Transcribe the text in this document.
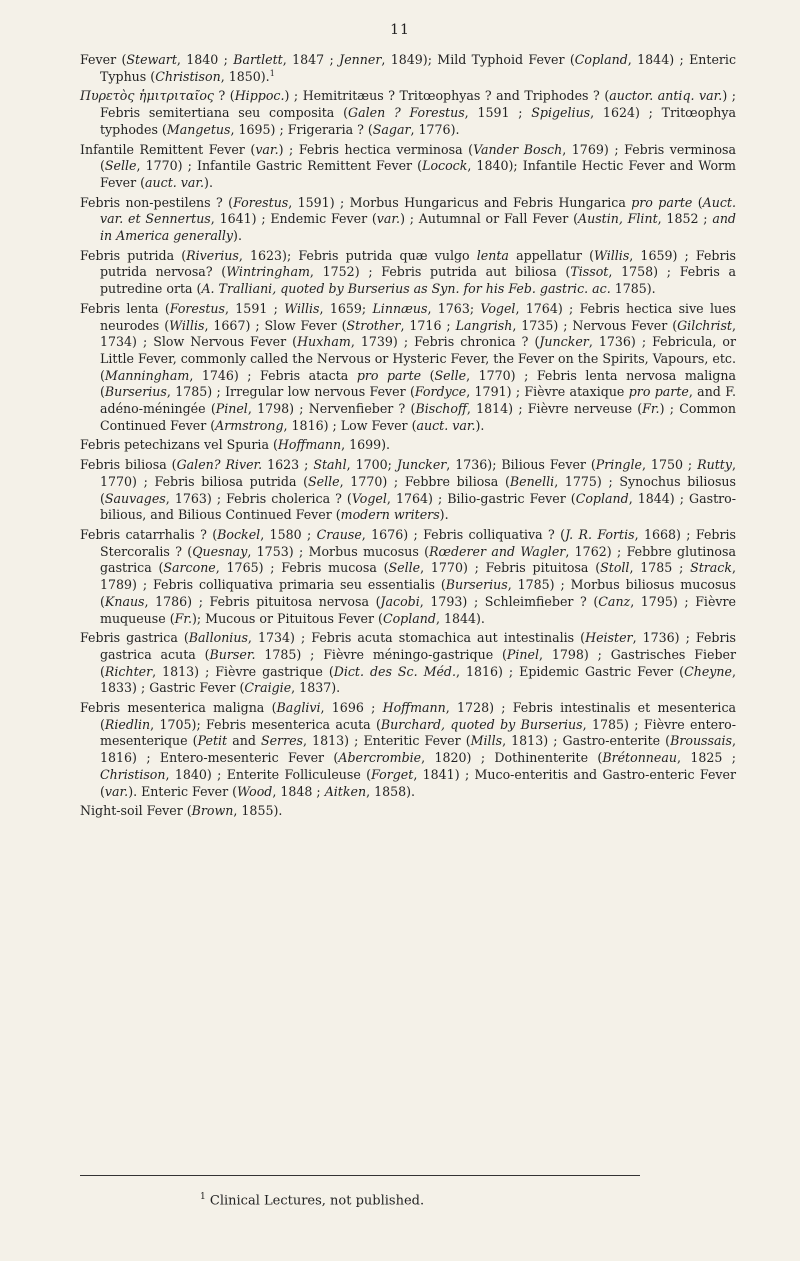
11

Fever (Stewart, 1840 ; Bartlett, 1847 ; Jenner, 1849); Mild Typhoid Fever (Copland, 1844) ; Enteric Typhus (Christison, 1850).$^1$

Πυρετὸς ἡμιτριταῖος ? (Hippoc.) ; Hemitritæus ? Tritœophyas ? and Triphodes ? (auctor. antiq. var.) ; Febris semitertiana seu composita (Galen ? Forestus, 1591 ; Spigelius, 1624) ; Tritœophya typhodes (Mangetus, 1695) ; Frigeraria ? (Sagar, 1776).

Infantile Remittent Fever (var.) ; Febris hectica verminosa (Vander Bosch, 1769) ; Febris verminosa (Selle, 1770) ; Infantile Gastric Remittent Fever (Locock, 1840); Infantile Hectic Fever and Worm Fever (auct. var.).

Febris non-pestilens ? (Forestus, 1591) ; Morbus Hungaricus and Febris Hungarica pro parte (Auct. var. et Sennertus, 1641) ; Endemic Fever (var.) ; Autumnal or Fall Fever (Austin, Flint, 1852 ; and in America generally).

Febris putrida (Riverius, 1623); Febris putrida quæ vulgo lenta appellatur (Willis, 1659) ; Febris putrida nervosa? (Wintringham, 1752) ; Febris putrida aut biliosa (Tissot, 1758) ; Febris a putredine orta (A. Tralliani, quoted by Burserius as Syn. for his Feb. gastric. ac. 1785).

Febris lenta (Forestus, 1591 ; Willis, 1659; Linnæus, 1763; Vogel, 1764) ; Febris hectica sive lues neurodes (Willis, 1667) ; Slow Fever (Strother, 1716 ; Langrish, 1735) ; Nervous Fever (Gilchrist, 1734) ; Slow Nervous Fever (Huxham, 1739) ; Febris chronica ? (Juncker, 1736) ; Febricula, or Little Fever, commonly called the Nervous or Hysteric Fever, the Fever on the Spirits, Vapours, etc. (Manningham, 1746) ; Febris atacta pro parte (Selle, 1770) ; Febris lenta nervosa maligna (Burserius, 1785) ; Irregular low nervous Fever (Fordyce, 1791) ; Fièvre ataxique pro parte, and F. adéno-méningée (Pinel, 1798) ; Nervenfieber ? (Bischoff, 1814) ; Fièvre nerveuse (Fr.) ; Common Continued Fever (Armstrong, 1816) ; Low Fever (auct. var.).

Febris petechizans vel Spuria (Hoffmann, 1699).

Febris biliosa (Galen? River. 1623 ; Stahl, 1700; Juncker, 1736); Bilious Fever (Pringle, 1750 ; Rutty, 1770) ; Febris biliosa putrida (Selle, 1770) ; Febbre biliosa (Benelli, 1775) ; Synochus biliosus (Sauvages, 1763) ; Febris cholerica ? (Vogel, 1764) ; Bilio-gastric Fever (Copland, 1844) ; Gastro-bilious, and Bilious Continued Fever (modern writers).

Febris catarrhalis ? (Bockel, 1580 ; Crause, 1676) ; Febris colliquativa ? (J. R. Fortis, 1668) ; Febris Stercoralis ? (Quesnay, 1753) ; Morbus mucosus (Rœderer and Wagler, 1762) ; Febbre glutinosa gastrica (Sarcone, 1765) ; Febris mucosa (Selle, 1770) ; Febris pituitosa (Stoll, 1785 ; Strack, 1789) ; Febris colliquativa primaria seu essentialis (Burserius, 1785) ; Morbus biliosus mucosus (Knaus, 1786) ; Febris pituitosa nervosa (Jacobi, 1793) ; Schleimfieber ? (Canz, 1795) ; Fièvre muqueuse (Fr.); Mucous or Pituitous Fever (Copland, 1844).

Febris gastrica (Ballonius, 1734) ; Febris acuta stomachica aut intestinalis (Heister, 1736) ; Febris gastrica acuta (Burser. 1785) ; Fièvre méningo-gastrique (Pinel, 1798) ; Gastrisches Fieber (Richter, 1813) ; Fièvre gastrique (Dict. des Sc. Méd., 1816) ; Epidemic Gastric Fever (Cheyne, 1833) ; Gastric Fever (Craigie, 1837).

Febris mesenterica maligna (Baglivi, 1696 ; Hoffmann, 1728) ; Febris intestinalis et mesenterica (Riedlin, 1705); Febris mesenterica acuta (Burchard, quoted by Burserius, 1785) ; Fièvre entero-mesenterique (Petit and Serres, 1813) ; Enteritic Fever (Mills, 1813) ; Gastro-enterite (Broussais, 1816) ; Entero-mesenteric Fever (Abercrombie, 1820) ; Dothinenterite (Brétonneau, 1825 ; Christison, 1840) ; Enterite Folliculeuse (Forget, 1841) ; Muco-enteritis and Gastro-enteric Fever (var.). Enteric Fever (Wood, 1848 ; Aitken, 1858).

Night-soil Fever (Brown, 1855).

$^1$ Clinical Lectures, not published.
